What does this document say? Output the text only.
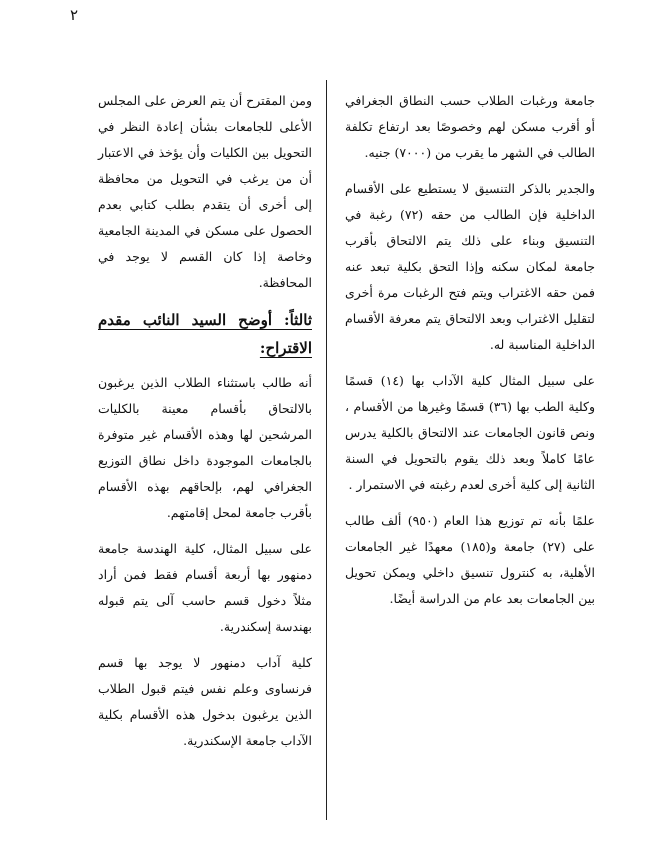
٢

جامعة ورغبات الطلاب حسب النطاق الجغرافي أو أقرب مسكن لهم وخصوصًا بعد ارتفاع تكلفة الطالب في الشهر ما يقرب من (٧٠٠٠) جنيه.

والجدير بالذكر التنسيق لا يستطيع على الأقسام الداخلية فإن الطالب من حقه (٧٢) رغبة في التنسيق وبناء على ذلك يتم الالتحاق بأقرب جامعة لمكان سكنه وإذا التحق بكلية تبعد عنه فمن حقه الاغتراب ويتم فتح الرغبات مرة أخرى لتقليل الاغتراب وبعد الالتحاق يتم معرفة الأقسام الداخلية المناسبة له.

على سبيل المثال كلية الآداب بها (١٤) قسمًا وكلية الطب بها (٣٦) قسمًا وغيرها من الأقسام ، ونص قانون الجامعات عند الالتحاق بالكلية يدرس عامًا كاملاً وبعد ذلك يقوم بالتحويل في السنة الثانية إلى كلية أخرى لعدم رغبته في الاستمرار .

علمًا بأنه تم توزيع هذا العام (٩٥٠) ألف طالب على (٢٧) جامعة و(١٨٥) معهدًا غير الجامعات الأهلية، به كنترول تنسيق داخلي ويمكن تحويل بين الجامعات بعد عام من الدراسة أيضًا.

ومن المقترح أن يتم العرض على المجلس الأعلى للجامعات بشأن إعادة النظر في التحويل بين الكليات وأن يؤخذ في الاعتبار أن من يرغب في التحويل من محافظة إلى أخرى أن يتقدم بطلب كتابي بعدم الحصول على مسكن في المدينة الجامعية وخاصة إذا كان القسم لا يوجد في المحافظة.

ثالثاً: أوضح السيد النائب مقدم الاقتراح:

أنه طالب باستثناء الطلاب الذين يرغبون بالالتحاق بأقسام معينة بالكليات المرشحين لها وهذه الأقسام غير متوفرة بالجامعات الموجودة داخل نطاق التوزيع الجغرافي لهم، بإلحاقهم بهذه الأقسام بأقرب جامعة لمحل إقامتهم.

على سبيل المثال، كلية الهندسة جامعة دمنهور بها أربعة أقسام فقط فمن أراد مثلاً دخول قسم حاسب آلى يتم قبوله بهندسة إسكندرية.

كلية آداب دمنهور لا يوجد بها قسم فرنساوى وعلم نفس فيتم قبول الطلاب الذين يرغبون بدخول هذه الأقسام بكلية الآداب جامعة الإسكندرية.
